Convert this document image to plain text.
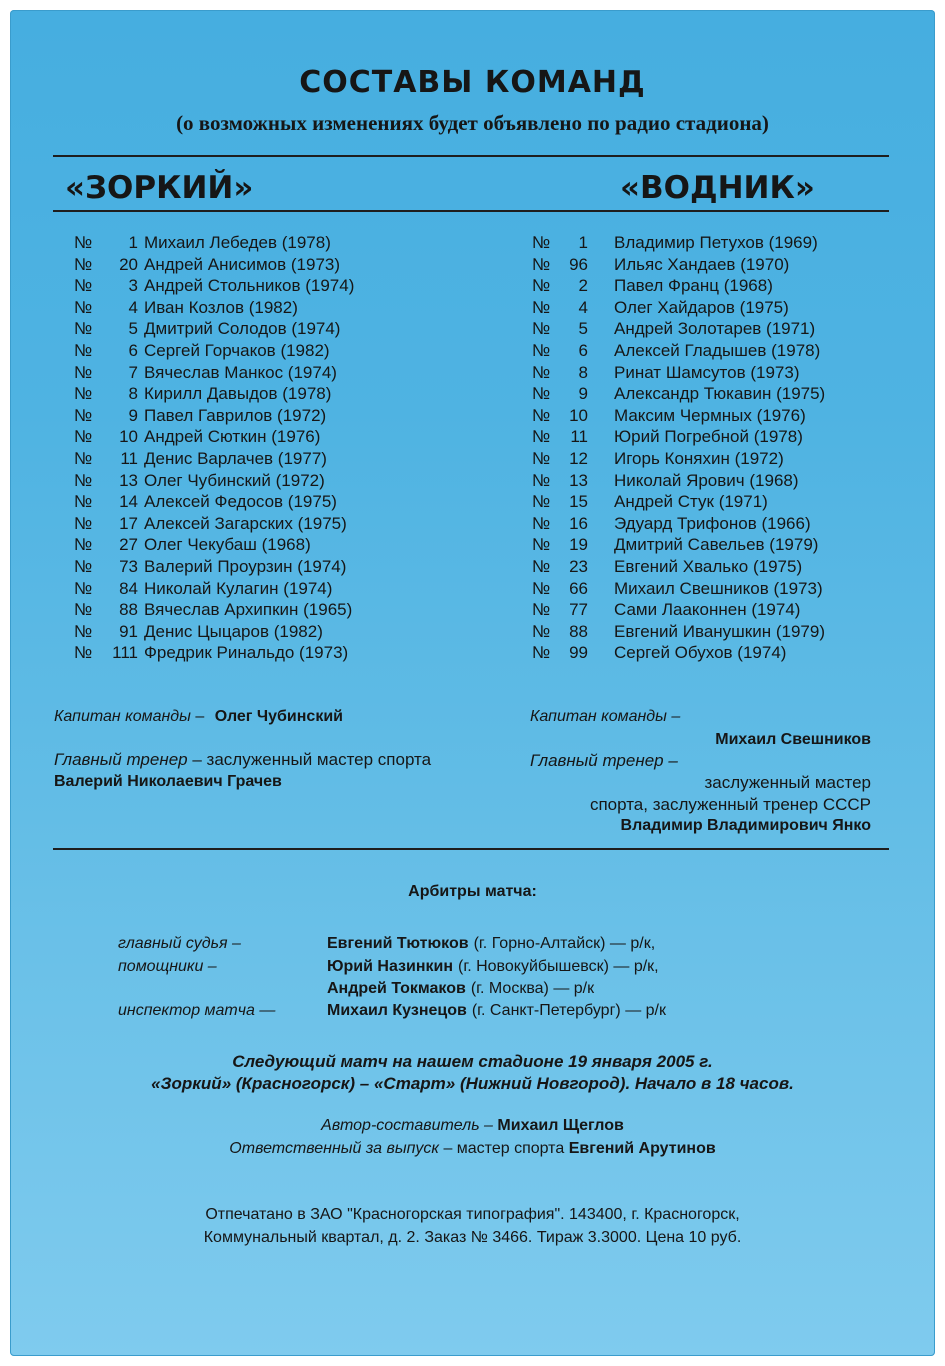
СОСТАВЫ КОМАНД
(о возможных изменениях будет объявлено по радио стадиона)
«ЗОРКИЙ»	«ВОДНИК»
№	1 Михаил Лебедев (1978)
№	20 Андрей Анисимов (1973)
№	3 Андрей Стольников (1974)
№	4 Иван Козлов (1982)
№	5 Дмитрий Солодов (1974)
№	6 Сергей Горчаков (1982)
№	7 Вячеслав Манкос (1974)
№	8 Кирилл Давыдов (1978)
№	9 Павел Гаврилов (1972)
№	10 Андрей Сюткин (1976)
№	11 Денис Варлачев (1977)
№	13 Олег Чубинский (1972)
№	14 Алексей Федосов (1975)
№	17 Алексей Загарских (1975)
№	27 Олег Чекубаш (1968)
№	73 Валерий Проурзин (1974)
№	84 Николай Кулагин (1974)
№	88 Вячеслав Архипкин (1965)
№	91 Денис Цыцаров (1982)
№	111 Фредрик Ринальдо (1973)
№	1 Владимир Петухов (1969)
№	96 Ильяс Хандаев (1970)
№	2 Павел Франц (1968)
№	4 Олег Хайдаров (1975)
№	5 Андрей Золотарев (1971)
№	6 Алексей Гладышев (1978)
№	8 Ринат Шамсутов (1973)
№	9 Александр Тюкавин (1975)
№	10 Максим Чермных (1976)
№	11 Юрий Погребной (1978)
№	12 Игорь Коняхин (1972)
№	13 Николай Ярович (1968)
№	15 Андрей Стук (1971)
№	16 Эдуард Трифонов (1966)
№	19 Дмитрий Савельев (1979)
№	23 Евгений Хвалько (1975)
№	66 Михаил Свешников (1973)
№	77 Сами Лааконнен (1974)
№	88 Евгений Иванушкин (1979)
№	99 Сергей Обухов (1974)
Капитан команды – Олег Чубинский
Главный тренер – заслуженный мастер спорта
Валерий Николаевич Грачев
Капитан команды –
Михаил Свешников
Главный тренер –
заслуженный мастер
спорта, заслуженный тренер СССР
Владимир Владимирович Янко
Арбитры матча:
главный судья –	Евгений Тютюков (г. Горно-Алтайск) — р/к,
помощники –	Юрий Назинкин (г. Новокуйбышевск) — р/к,
Андрей Токмаков (г. Москва) — р/к
инспектор матча —	Михаил Кузнецов (г. Санкт-Петербург) — р/к
Следующий матч на нашем стадионе 19 января 2005 г.
«Зоркий» (Красногорск) – «Старт» (Нижний Новгород). Начало в 18 часов.
Автор-составитель – Михаил Щеглов
Ответственный за выпуск – мастер спорта Евгений Арутинов
Отпечатано в ЗАО "Красногорская типография". 143400, г. Красногорск,
Коммунальный квартал, д. 2. Заказ № 3466. Тираж 3.3000. Цена 10 руб.
